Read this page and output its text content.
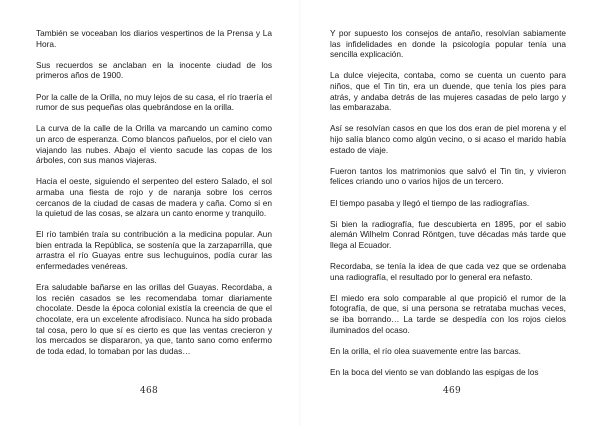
También se voceaban los diarios vespertinos de la Prensa y La Hora.

Sus recuerdos se anclaban en la inocente ciudad de los primeros años de 1900.

Por la calle de la Orilla, no muy lejos de su casa, el río traería el rumor de sus pequeñas olas quebrándose en la orilla.

La curva de la calle de la Orilla va marcando un camino como un arco de esperanza. Como blancos pañuelos, por el cielo van viajando las nubes. Abajo el viento sacude las copas de los árboles, con sus manos viajeras.

Hacia el oeste, siguiendo el serpenteo del estero Salado, el sol armaba una fiesta de rojo y de naranja sobre los cerros cercanos de la ciudad de casas de madera y caña. Como si en la quietud de las cosas, se alzara un canto enorme y tranquilo.

El río también traía su contribución a la medicina popular. Aun bien entrada la República, se sostenía que la zarzaparrilla, que arrastra el río Guayas entre sus lechuguinos, podía curar las enfermedades venéreas.

Era saludable bañarse en las orillas del Guayas. Recordaba, a los recién casados se les recomendaba tomar diariamente chocolate. Desde la época colonial existía la creencia de que el chocolate, era un excelente afrodisíaco. Nunca ha sido probada tal cosa, pero lo que sí es cierto es que las ventas crecieron y los mercados se dispararon, ya que, tanto sano como enfermo de toda edad, lo tomaban por las dudas…

468

Y por supuesto los consejos de antaño, resolvían sabiamente las infidelidades en donde la psicología popular tenía una sencilla explicación.

La dulce viejecita, contaba, como se cuenta un cuento para niños, que el Tin tin, era un duende, que tenía los pies para atrás, y andaba detrás de las mujeres casadas de pelo largo y las embarazaba.

Así se resolvían casos en que los dos eran de piel morena y el hijo salía blanco como algún vecino, o si acaso el marido había estado de viaje.

Fueron tantos los matrimonios que salvó el Tin tin, y vivieron felices criando uno o varios hijos de un tercero.

El tiempo pasaba y llegó el tiempo de las radiografías.

Si bien la radiografía, fue descubierta en 1895, por el sabio alemán Wilhelm Conrad Röntgen, tuve décadas más tarde que llega al Ecuador.

Recordaba, se tenía la idea de que cada vez que se ordenaba una radiografía, el resultado por lo general era nefasto.

El miedo era solo comparable al que propició el rumor de la fotografía, de que, si una persona se retrataba muchas veces, se iba borrando… La tarde se despedía con los rojos cielos iluminados del ocaso.

En la orilla, el río olea suavemente entre las barcas.

En la boca del viento se van doblando las espigas de los

469
